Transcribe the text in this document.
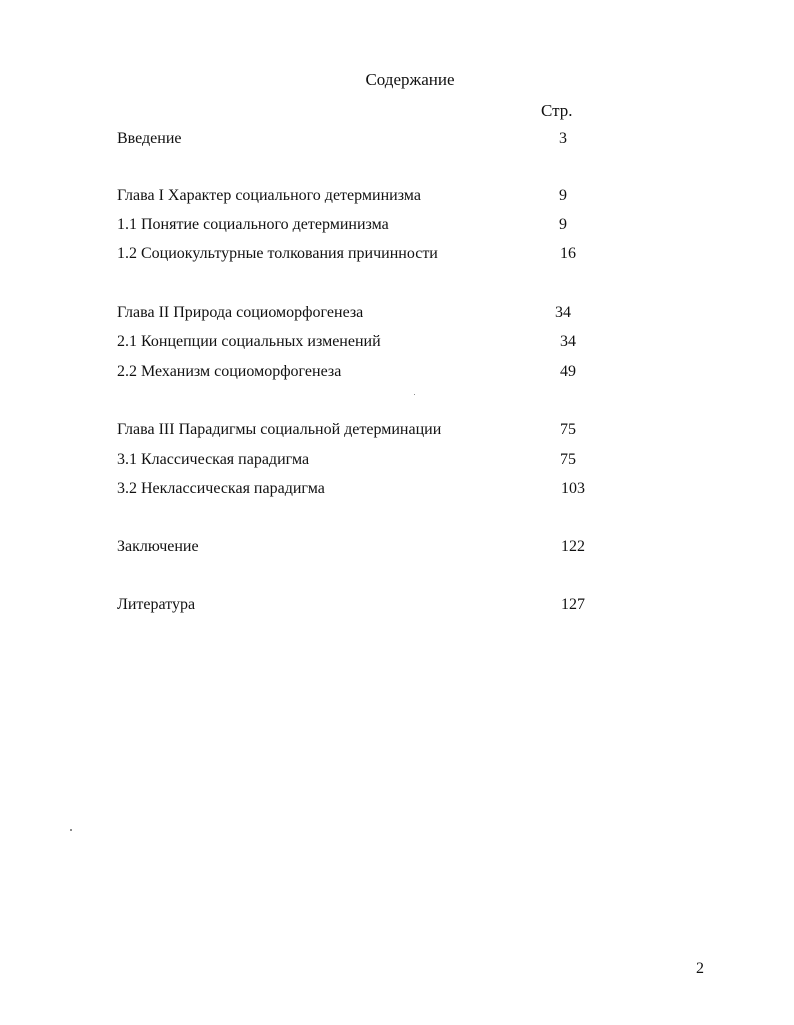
Содержание
Стр.
Введение	3
Глава I Характер социального детерминизма	9
1.1 Понятие социального детерминизма	9
1.2 Социокультурные толкования причинности	16
Глава II Природа социоморфогенеза	34
2.1 Концепции социальных изменений	34
2.2 Механизм социоморфогенеза	49
Глава III Парадигмы социальной детерминации	75
3.1 Классическая парадигма	75
3.2 Неклассическая парадигма	103
Заключение	122
Литература	127
2
